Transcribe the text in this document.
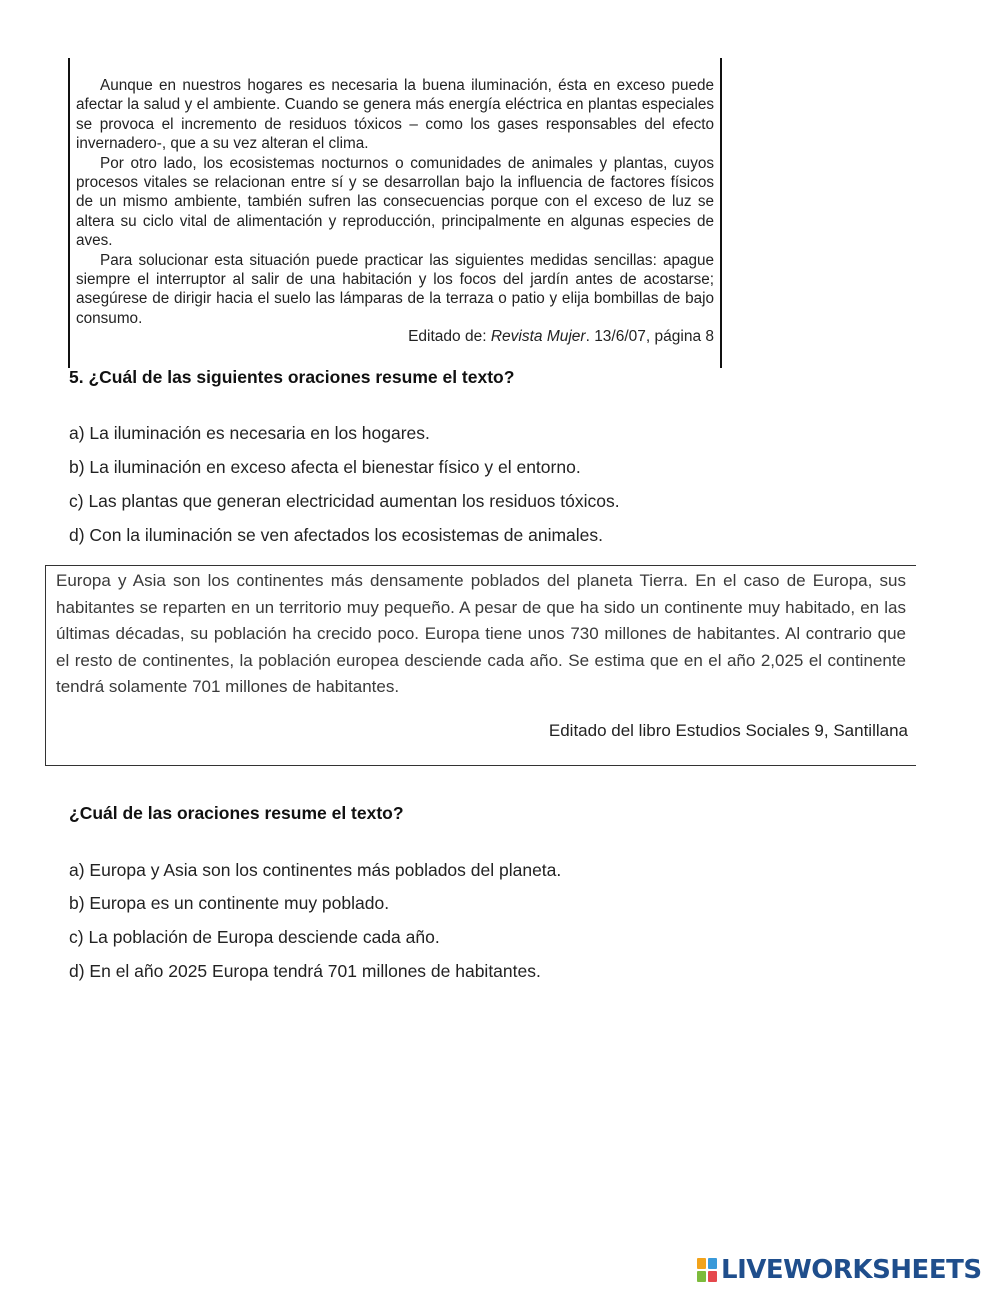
Aunque en nuestros hogares es necesaria la buena iluminación, ésta en exceso puede afectar la salud y el ambiente. Cuando se genera más energía eléctrica en plantas especiales se provoca el incremento de residuos tóxicos – como los gases responsables del efecto invernadero-, que a su vez alteran el clima.

Por otro lado, los ecosistemas nocturnos o comunidades de animales y plantas, cuyos procesos vitales se relacionan entre sí y se desarrollan bajo la influencia de factores físicos de un mismo ambiente, también sufren las consecuencias porque con el exceso de luz se altera su ciclo vital de alimentación y reproducción, principalmente en algunas especies de aves.

Para solucionar esta situación puede practicar las siguientes medidas sencillas: apague siempre el interruptor al salir de una habitación y los focos del jardín antes de acostarse; asegúrese de dirigir hacia el suelo las lámparas de la terraza o patio y elija bombillas de bajo consumo.

Editado de: Revista Mujer. 13/6/07, página 8
5. ¿Cuál de las siguientes oraciones resume el texto?
a) La iluminación es necesaria en los hogares.
b) La iluminación en exceso afecta el bienestar físico y el entorno.
c) Las plantas que generan electricidad aumentan los residuos tóxicos.
d) Con la iluminación se ven afectados los ecosistemas de animales.
Europa y Asia son los continentes más densamente poblados del planeta Tierra. En el caso de Europa, sus habitantes se reparten en un territorio muy pequeño. A pesar de que ha sido un continente muy habitado, en las últimas décadas, su población ha crecido poco. Europa tiene unos 730 millones de habitantes. Al contrario que el resto de continentes, la población europea desciende cada año. Se estima que en el año 2,025 el continente tendrá solamente 701 millones de habitantes.
Editado del libro Estudios Sociales 9, Santillana
¿Cuál de las oraciones resume el texto?
a) Europa y Asia son los continentes más poblados del planeta.
b) Europa es un continente muy poblado.
c) La población de Europa desciende cada año.
d) En el año 2025 Europa tendrá 701 millones de habitantes.
LIVEWORKSHEETS
